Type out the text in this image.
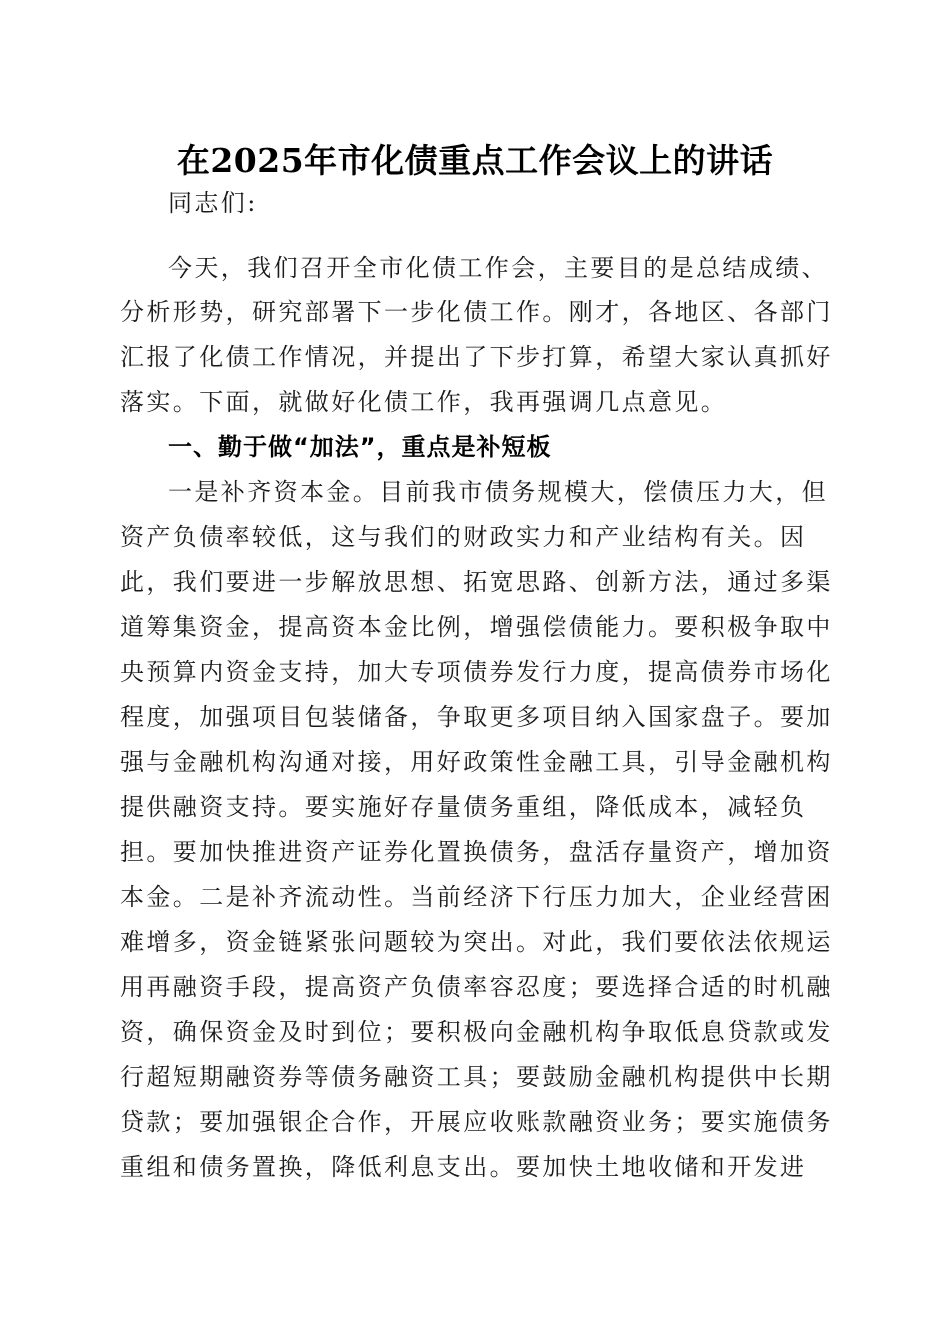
在2025年市化债重点工作会议上的讲话
同志们:
今天，我们召开全市化债工作会，主要目的是总结成绩、
分析形势，研究部署下一步化债工作。刚才，各地区、各部门
汇报了化债工作情况，并提出了下步打算，希望大家认真抓好
落实。下面，就做好化债工作，我再强调几点意见。
一、勤于做“加法”，重点是补短板
一是补齐资本金。目前我市债务规模大，偿债压力大，但
资产负债率较低，这与我们的财政实力和产业结构有关。因
此，我们要进一步解放思想、拓宽思路、创新方法，通过多渠
道筹集资金，提高资本金比例，增强偿债能力。要积极争取中
央预算内资金支持，加大专项债券发行力度，提高债券市场化
程度，加强项目包装储备，争取更多项目纳入国家盘子。要加
强与金融机构沟通对接，用好政策性金融工具，引导金融机构
提供融资支持。要实施好存量债务重组，降低成本，减轻负
担。要加快推进资产证券化置换债务，盘活存量资产，增加资
本金。二是补齐流动性。当前经济下行压力加大，企业经营困
难增多，资金链紧张问题较为突出。对此，我们要依法依规运
用再融资手段，提高资产负债率容忍度；要选择合适的时机融
资，确保资金及时到位；要积极向金融机构争取低息贷款或发
行超短期融资券等债务融资工具；要鼓励金融机构提供中长期
贷款；要加强银企合作，开展应收账款融资业务；要实施债务
重组和债务置换，降低利息支出。要加快土地收储和开发进
